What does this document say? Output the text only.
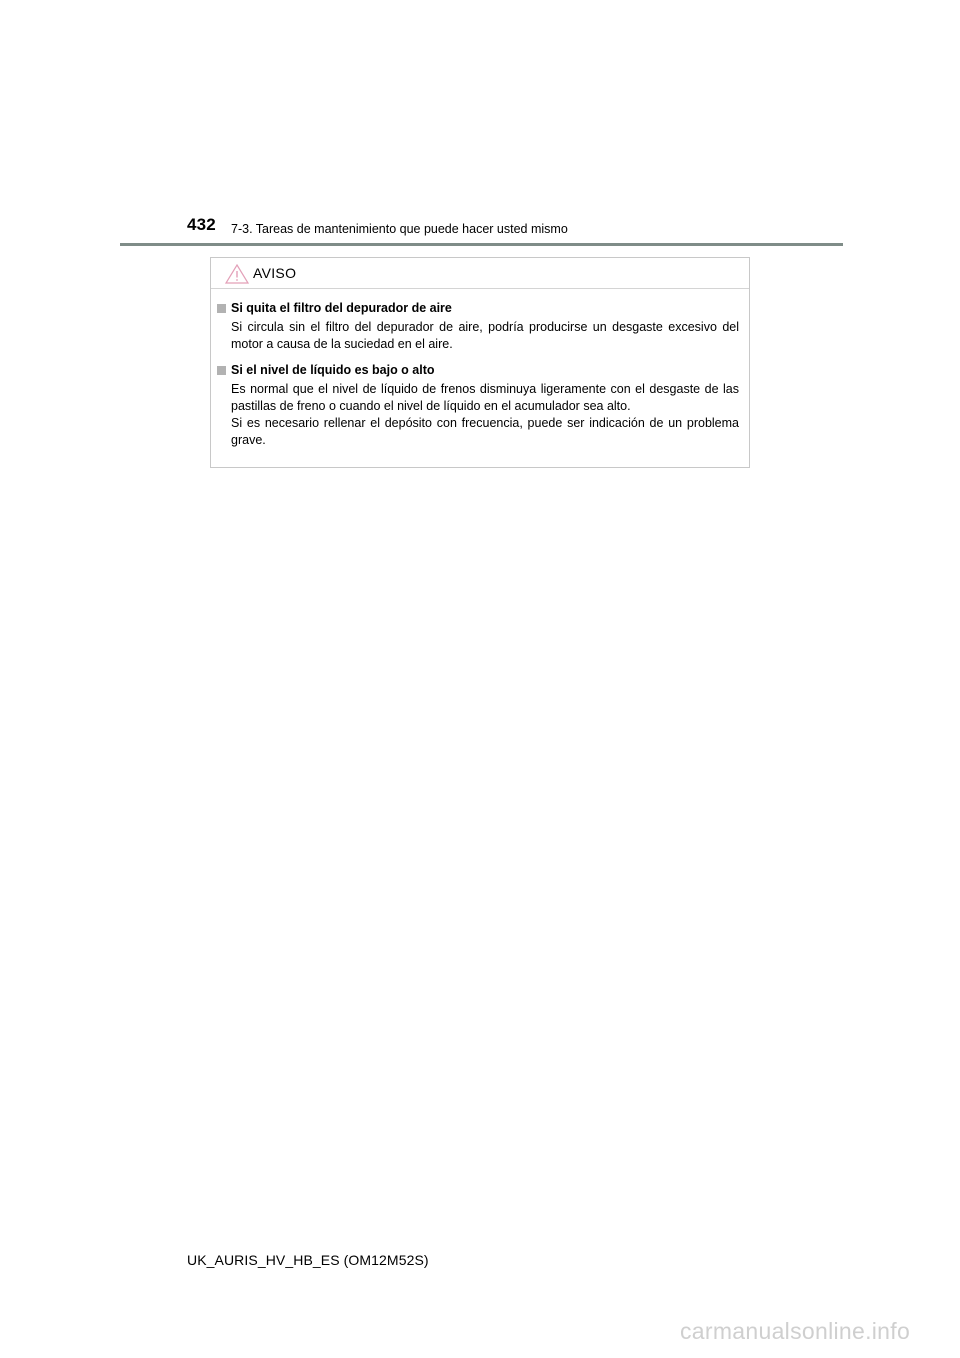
432 7-3. Tareas de mantenimiento que puede hacer usted mismo
AVISO
Si quita el filtro del depurador de aire
Si circula sin el filtro del depurador de aire, podría producirse un desgaste excesivo del motor a causa de la suciedad en el aire.
Si el nivel de líquido es bajo o alto
Es normal que el nivel de líquido de frenos disminuya ligeramente con el desgaste de las pastillas de freno o cuando el nivel de líquido en el acumulador sea alto.
Si es necesario rellenar el depósito con frecuencia, puede ser indicación de un problema grave.
UK_AURIS_HV_HB_ES (OM12M52S)
carmanualsonline.info
